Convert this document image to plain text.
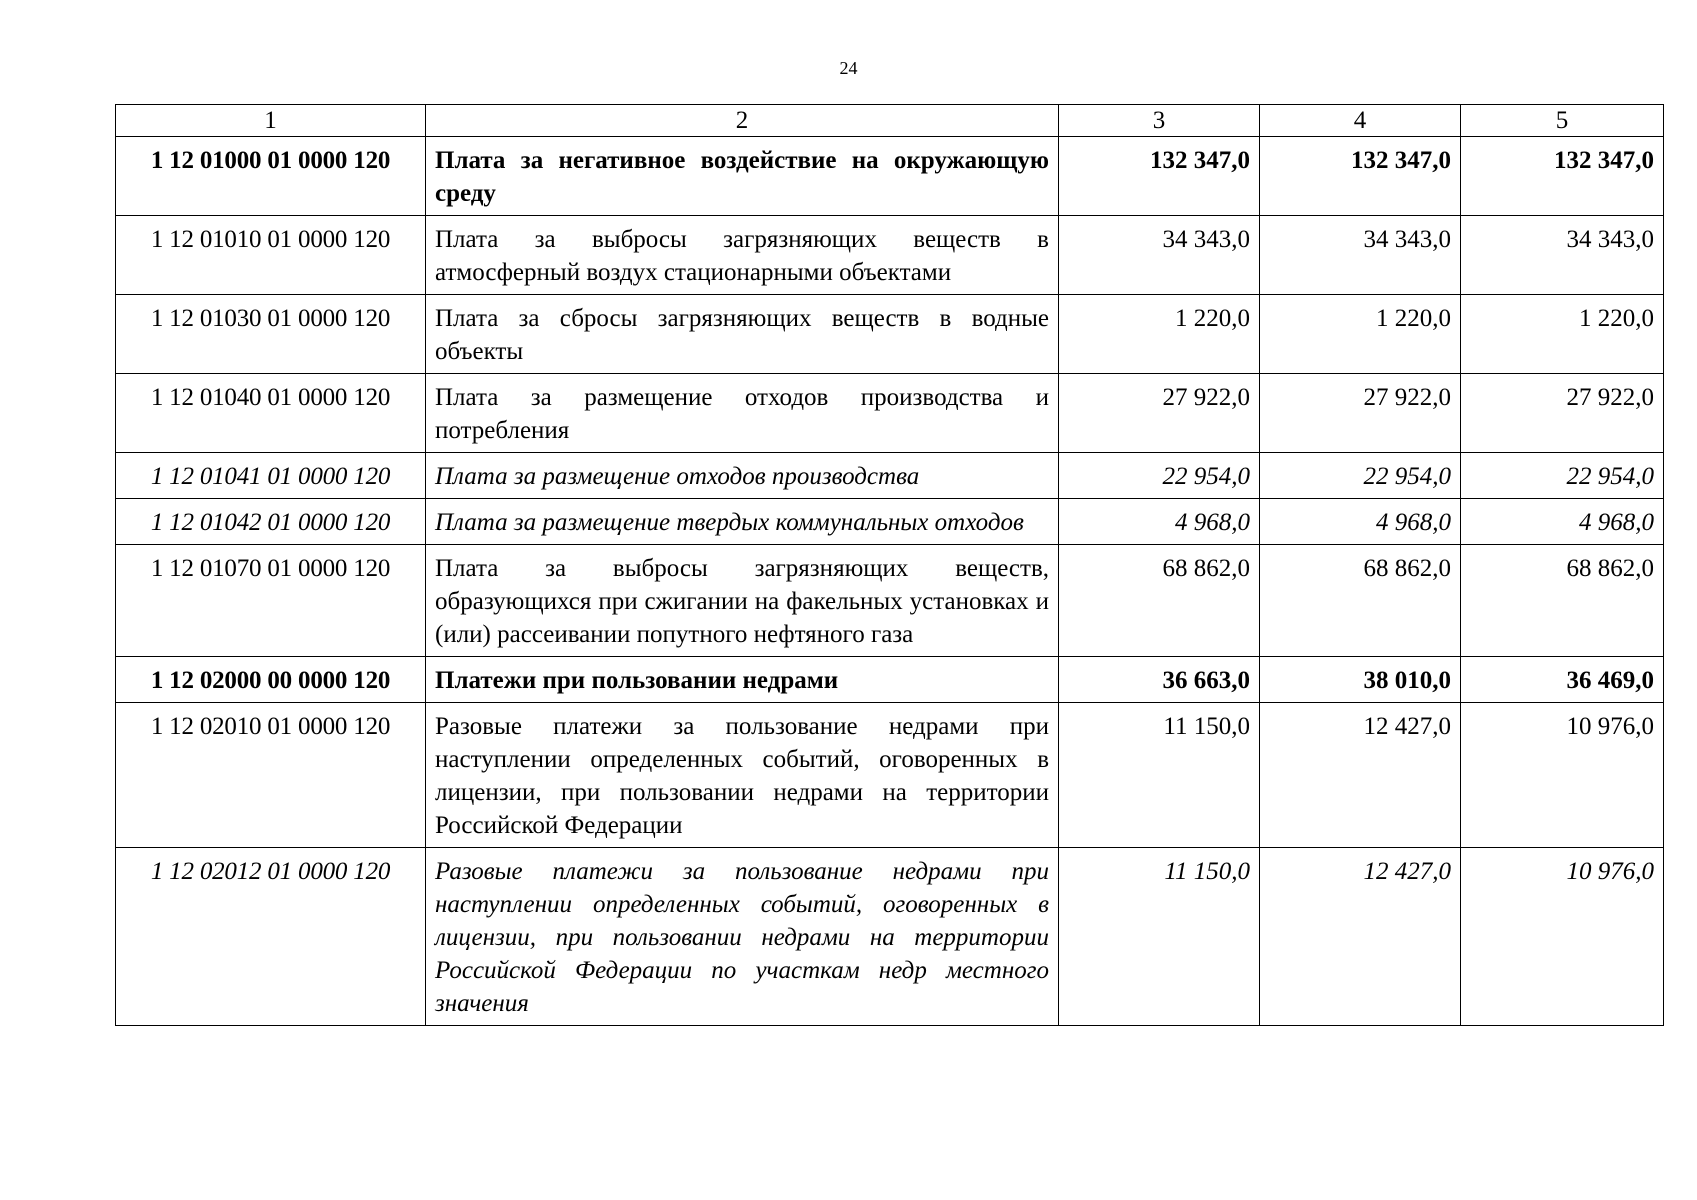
24
1	2	3	4	5
1 12 01000 01 0000 120	Плата за негативное воздействие на окружающую среду	132 347,0	132 347,0	132 347,0
1 12 01010 01 0000 120	Плата за выбросы загрязняющих веществ в атмосферный воздух стационарными объектами	34 343,0	34 343,0	34 343,0
1 12 01030 01 0000 120	Плата за сбросы загрязняющих веществ в водные объекты	1 220,0	1 220,0	1 220,0
1 12 01040 01 0000 120	Плата за размещение отходов производства и потребления	27 922,0	27 922,0	27 922,0
1 12 01041 01 0000 120	Плата за размещение отходов производства	22 954,0	22 954,0	22 954,0
1 12 01042 01 0000 120	Плата за размещение твердых коммунальных отходов	4 968,0	4 968,0	4 968,0
1 12 01070 01 0000 120	Плата за выбросы загрязняющих веществ, образующихся при сжигании на факельных установках и (или) рассеивании попутного нефтяного газа	68 862,0	68 862,0	68 862,0
1 12 02000 00 0000 120	Платежи при пользовании недрами	36 663,0	38 010,0	36 469,0
1 12 02010 01 0000 120	Разовые платежи за пользование недрами при наступлении определенных событий, оговоренных в лицензии, при пользовании недрами на территории Российской Федерации	11 150,0	12 427,0	10 976,0
1 12 02012 01 0000 120	Разовые платежи за пользование недрами при наступлении определенных событий, оговоренных в лицензии, при пользовании недрами на территории Российской Федерации по участкам недр местного значения	11 150,0	12 427,0	10 976,0
